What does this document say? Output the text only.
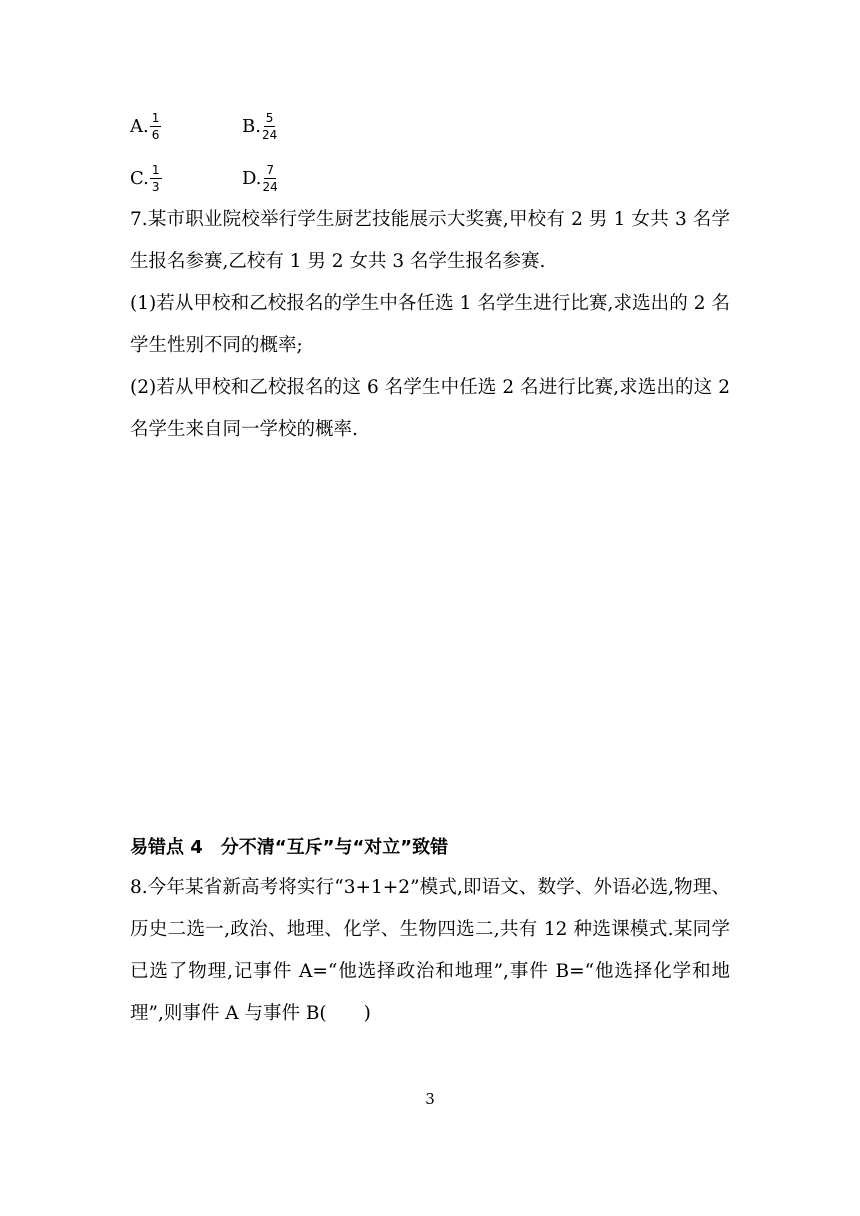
A. $\frac{1}{6}$	B. $\frac{5}{24}$
C. $\frac{1}{3}$	D. $\frac{7}{24}$
7.某市职业院校举行学生厨艺技能展示大奖赛,甲校有 2 男 1 女共 3 名学生报名参赛,乙校有 1 男 2 女共 3 名学生报名参赛.
(1)若从甲校和乙校报名的学生中各任选 1 名学生进行比赛,求选出的 2 名学生性别不同的概率;
(2)若从甲校和乙校报名的这 6 名学生中任选 2 名进行比赛,求选出的这 2 名学生来自同一学校的概率.
易错点 4　分不清“互斥”与“对立”致错
8.今年某省新高考将实行“3+1+2”模式,即语文、数学、外语必选,物理、历史二选一,政治、地理、化学、生物四选二,共有 12 种选课模式.某同学已选了物理,记事件 A=“他选择政治和地理”,事件 B=“他选择化学和地理”,则事件 A 与事件 B(　　)
3
